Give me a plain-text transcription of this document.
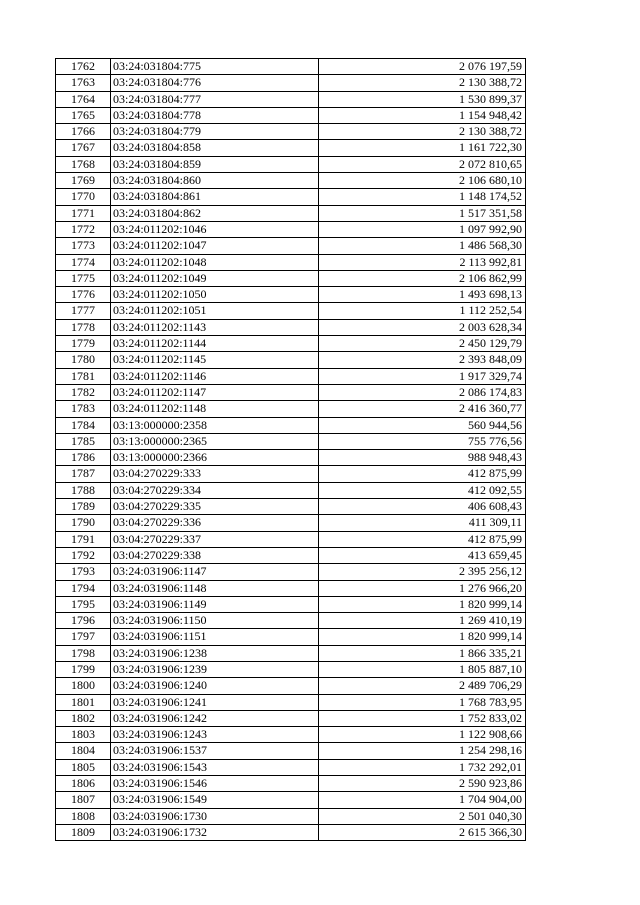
1762	03:24:031804:775	2 076 197,59
1763	03:24:031804:776	2 130 388,72
1764	03:24:031804:777	1 530 899,37
1765	03:24:031804:778	1 154 948,42
1766	03:24:031804:779	2 130 388,72
1767	03:24:031804:858	1 161 722,30
1768	03:24:031804:859	2 072 810,65
1769	03:24:031804:860	2 106 680,10
1770	03:24:031804:861	1 148 174,52
1771	03:24:031804:862	1 517 351,58
1772	03:24:011202:1046	1 097 992,90
1773	03:24:011202:1047	1 486 568,30
1774	03:24:011202:1048	2 113 992,81
1775	03:24:011202:1049	2 106 862,99
1776	03:24:011202:1050	1 493 698,13
1777	03:24:011202:1051	1 112 252,54
1778	03:24:011202:1143	2 003 628,34
1779	03:24:011202:1144	2 450 129,79
1780	03:24:011202:1145	2 393 848,09
1781	03:24:011202:1146	1 917 329,74
1782	03:24:011202:1147	2 086 174,83
1783	03:24:011202:1148	2 416 360,77
1784	03:13:000000:2358	560 944,56
1785	03:13:000000:2365	755 776,56
1786	03:13:000000:2366	988 948,43
1787	03:04:270229:333	412 875,99
1788	03:04:270229:334	412 092,55
1789	03:04:270229:335	406 608,43
1790	03:04:270229:336	411 309,11
1791	03:04:270229:337	412 875,99
1792	03:04:270229:338	413 659,45
1793	03:24:031906:1147	2 395 256,12
1794	03:24:031906:1148	1 276 966,20
1795	03:24:031906:1149	1 820 999,14
1796	03:24:031906:1150	1 269 410,19
1797	03:24:031906:1151	1 820 999,14
1798	03:24:031906:1238	1 866 335,21
1799	03:24:031906:1239	1 805 887,10
1800	03:24:031906:1240	2 489 706,29
1801	03:24:031906:1241	1 768 783,95
1802	03:24:031906:1242	1 752 833,02
1803	03:24:031906:1243	1 122 908,66
1804	03:24:031906:1537	1 254 298,16
1805	03:24:031906:1543	1 732 292,01
1806	03:24:031906:1546	2 590 923,86
1807	03:24:031906:1549	1 704 904,00
1808	03:24:031906:1730	2 501 040,30
1809	03:24:031906:1732	2 615 366,30
